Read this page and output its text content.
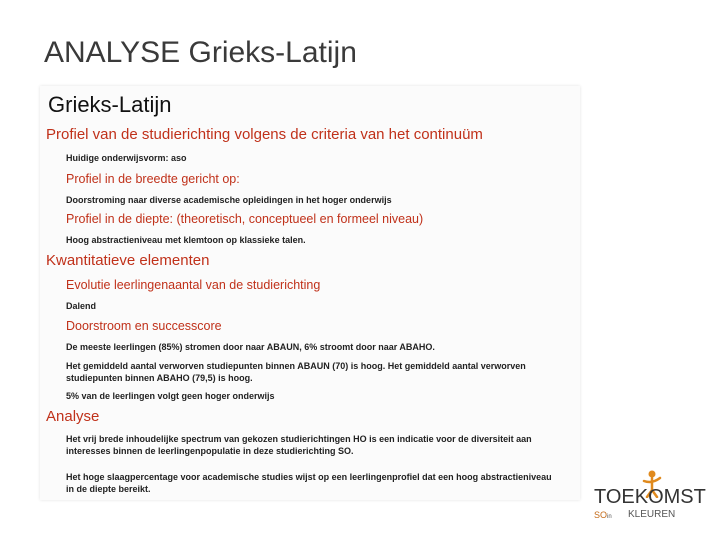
ANALYSE Grieks-Latijn
Grieks-Latijn
Profiel van de studierichting volgens de criteria van het continuüm
Huidige onderwijsvorm: aso
Profiel in de breedte gericht op:
Doorstroming naar diverse academische opleidingen in het hoger onderwijs
Profiel in de diepte: (theoretisch, conceptueel en formeel niveau)
Hoog abstractieniveau met klemtoon op klassieke talen.
Kwantitatieve elementen
Evolutie leerlingenaantal van de studierichting
Dalend
Doorstroom en successcore
De meeste leerlingen (85%) stromen door naar ABAUN, 6% stroomt door naar ABAHO.
Het gemiddeld aantal verworven studiepunten binnen ABAUN (70) is hoog. Het gemiddeld aantal verworven
studiepunten binnen ABAHO (79,5) is hoog.
5% van de leerlingen volgt geen hoger onderwijs
Analyse
Het vrij brede inhoudelijke spectrum van gekozen studierichtingen HO is een indicatie voor de diversiteit aan
interesses binnen de leerlingenpopulatie in deze studierichting SO.
Het hoge slaagpercentage voor academische studies wijst op een leerlingenprofiel dat een hoog abstractieniveau
in de diepte bereikt.	TOEKOMST
SOin KLEUREN
